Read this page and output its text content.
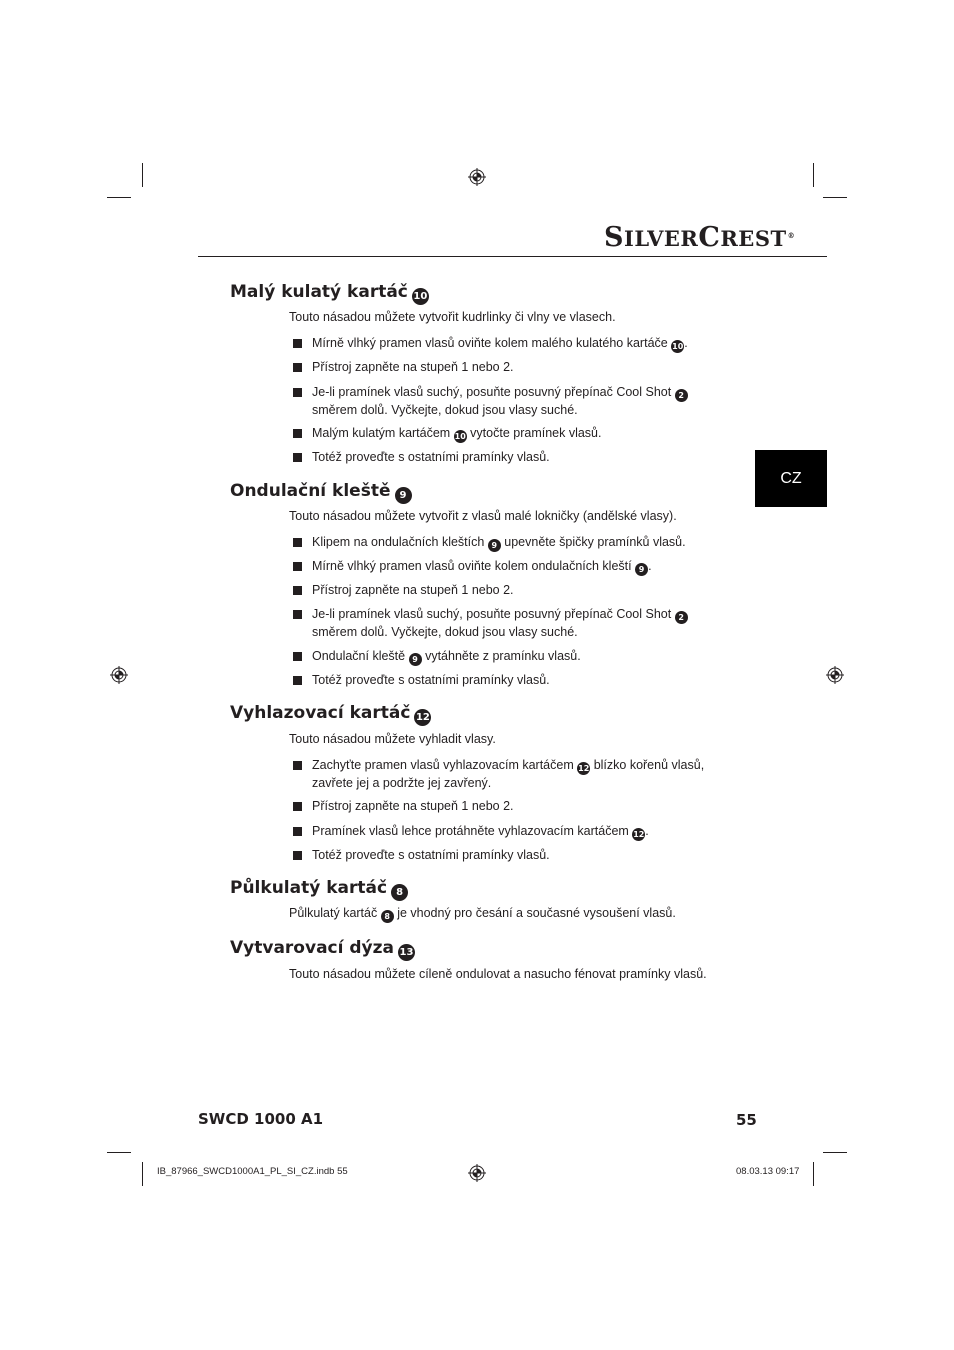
SILVERCREST®
CZ
Malý kulatý kartáč 10
Touto násadou můžete vytvořit kudrlinky či vlny ve vlasech.
Mírně vlhký pramen vlasů oviňte kolem malého kulatého kartáče 10.
Přístroj zapněte na stupeň 1 nebo 2.
Je-li pramínek vlasů suchý, posuňte posuvný přepínač Cool Shot 2
směrem dolů. Vyčkejte, dokud jsou vlasy suché.
Malým kulatým kartáčem 10 vytočte pramínek vlasů.
Totéž proveďte s ostatními pramínky vlasů.
Ondulační kleště 9
Touto násadou můžete vytvořit z vlasů malé lokničky (andělské vlasy).
Klipem na ondulačních kleštích 9 upevněte špičky pramínků vlasů.
Mírně vlhký pramen vlasů oviňte kolem ondulačních kleští 9 .
Přístroj zapněte na stupeň 1 nebo 2.
Je-li pramínek vlasů suchý, posuňte posuvný přepínač Cool Shot 2
směrem dolů. Vyčkejte, dokud jsou vlasy suché.
Ondulační kleště 9 vytáhněte z pramínku vlasů.
Totéž proveďte s ostatními pramínky vlasů.
Vyhlazovací kartáč 12
Touto násadou můžete vyhladit vlasy.
Zachyťte pramen vlasů vyhlazovacím kartáčem 12 blízko kořenů vlasů,
zavřete jej a podržte jej zavřený.
Přístroj zapněte na stupeň 1 nebo 2.
Pramínek vlasů lehce protáhněte vyhlazovacím kartáčem 12.
Totéž proveďte s ostatními pramínky vlasů.
Půlkulatý kartáč 8
Půlkulatý kartáč 8 je vhodný pro česání a současné vysoušení vlasů.
Vytvarovací dýza 13
Touto násadou můžete cíleně ondulovat a nasucho fénovat pramínky vlasů.
SWCD 1000 A1	55
IB_87966_SWCD1000A1_PL_SI_CZ.indb 55	08.03.13 09:17
